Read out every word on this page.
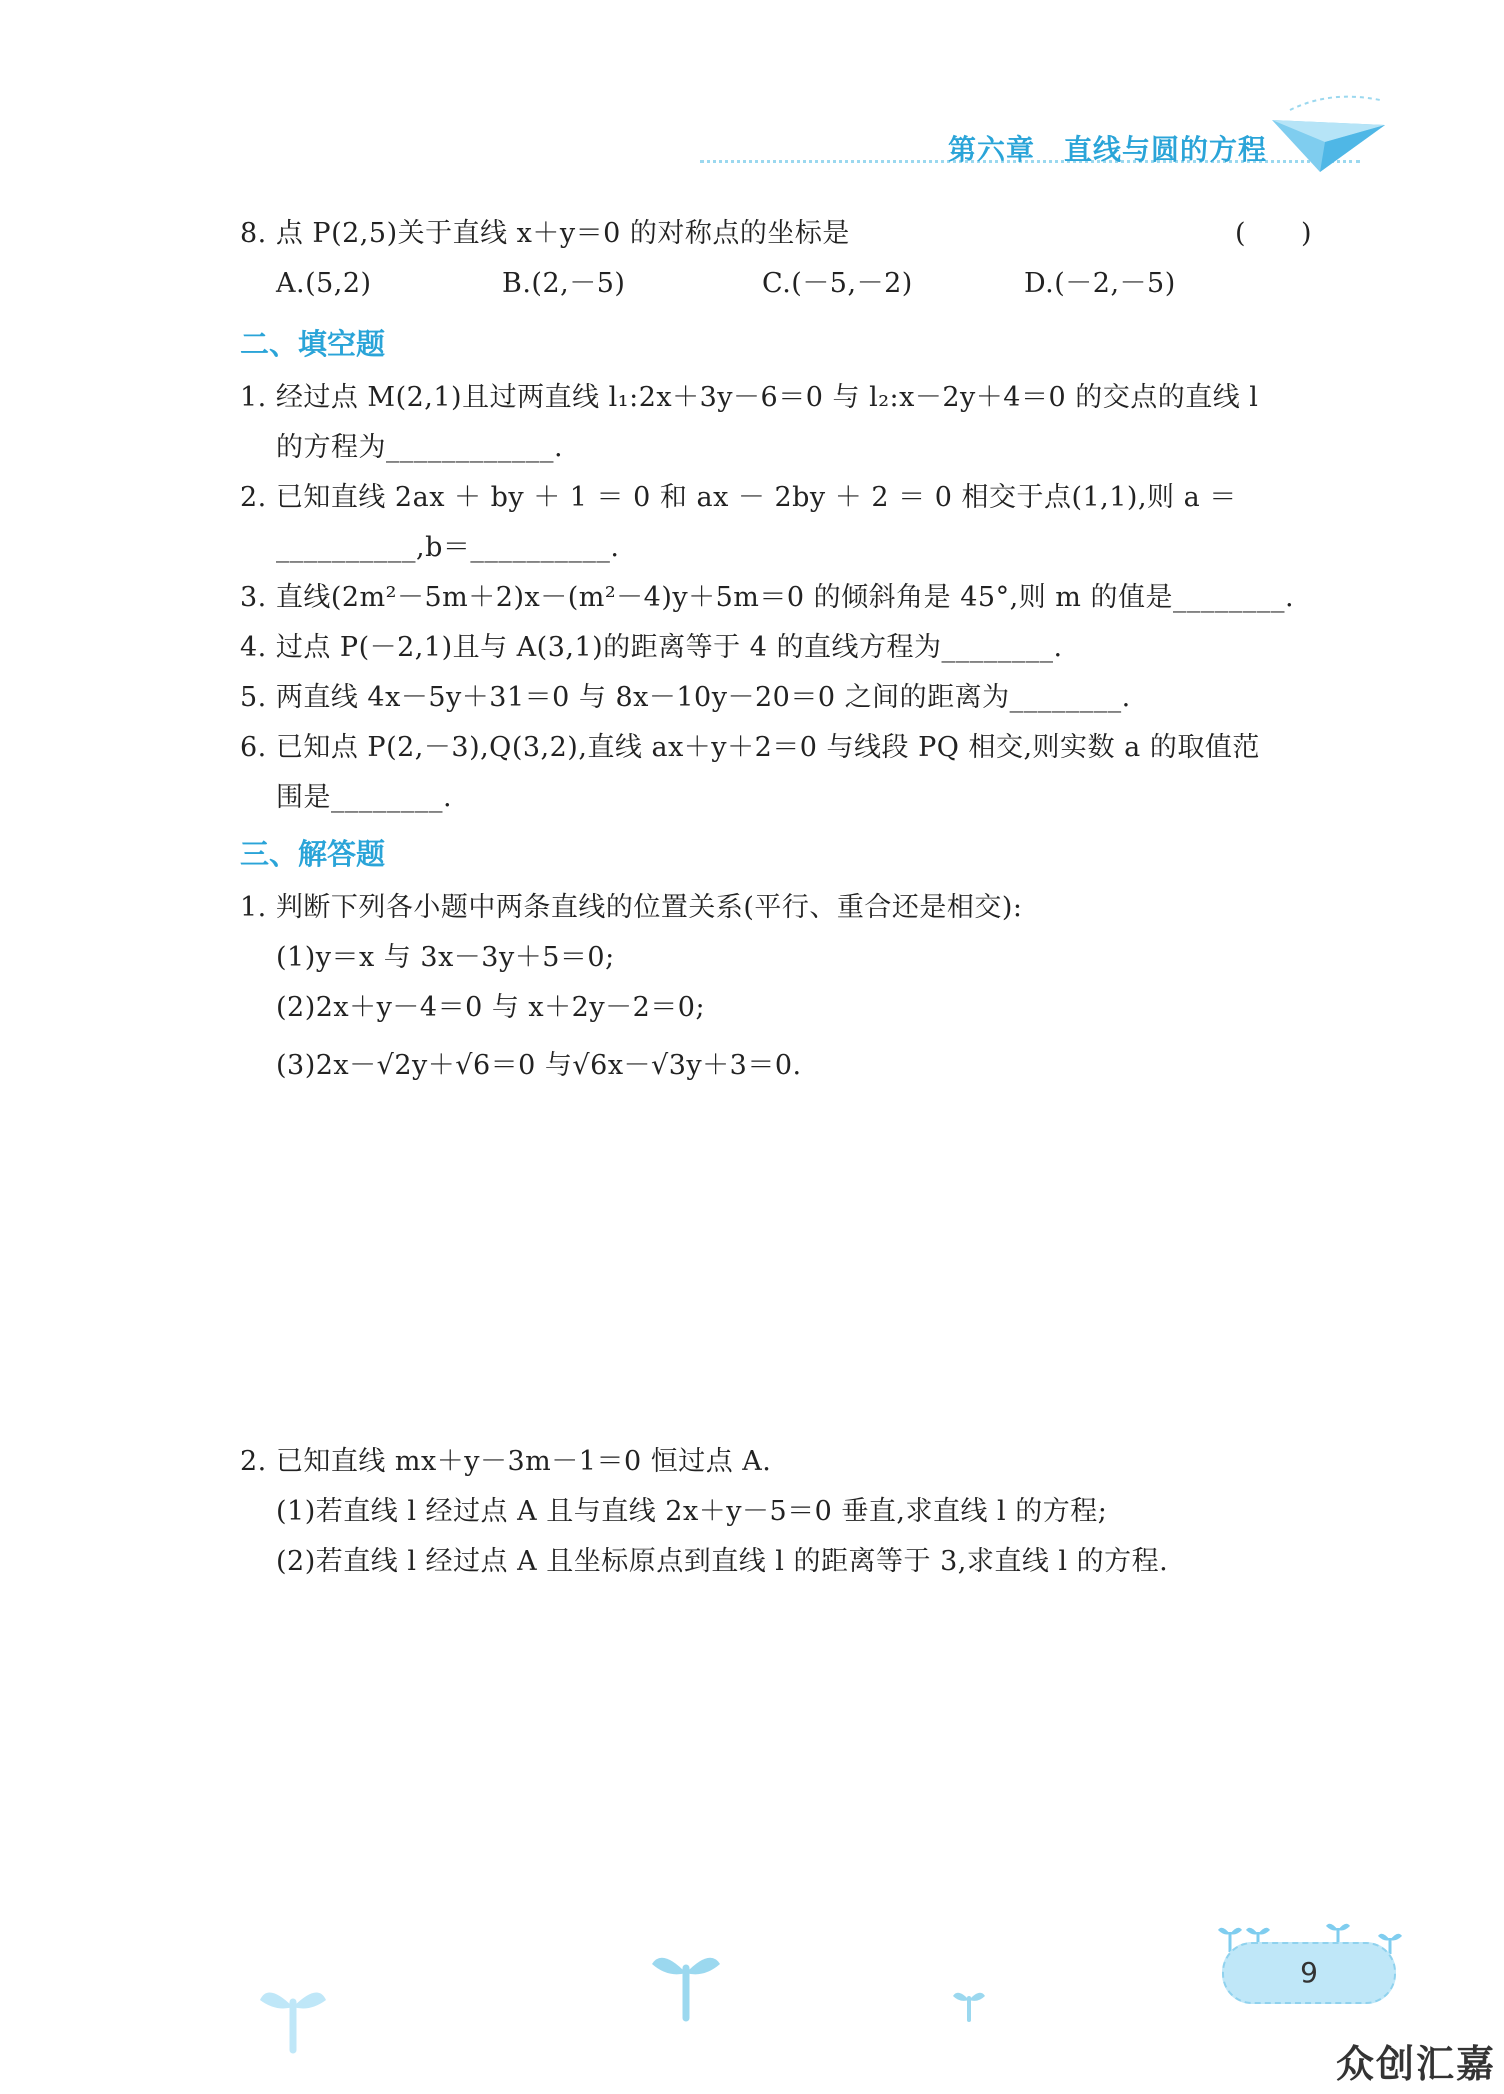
第六章　直线与圆的方程
8. 点 P(2,5)关于直线 x＋y＝0 的对称点的坐标是	(　　)
A.(5,2)	B.(2,－5)	C.(－5,－2)	D.(－2,－5)
二、填空题
1. 经过点 M(2,1)且过两直线 l₁:2x＋3y－6＝0 与 l₂:x－2y＋4＝0 的交点的直线 l
的方程为____________.
2. 已知直线 2ax ＋ by ＋ 1 ＝ 0 和 ax － 2by ＋ 2 ＝ 0 相交于点(1,1),则 a ＝
__________,b＝__________.
3. 直线(2m²－5m＋2)x－(m²－4)y＋5m＝0 的倾斜角是 45°,则 m 的值是________.
4. 过点 P(－2,1)且与 A(3,1)的距离等于 4 的直线方程为________.
5. 两直线 4x－5y＋31＝0 与 8x－10y－20＝0 之间的距离为________.
6. 已知点 P(2,－3),Q(3,2),直线 ax＋y＋2＝0 与线段 PQ 相交,则实数 a 的取值范
围是________.
三、解答题
1. 判断下列各小题中两条直线的位置关系(平行、重合还是相交):
(1)y＝x 与 3x－3y＋5＝0;
(2)2x＋y－4＝0 与 x＋2y－2＝0;
(3)2x－√2y＋√6＝0 与√6x－√3y＋3＝0.
2. 已知直线 mx＋y－3m－1＝0 恒过点 A.
(1)若直线 l 经过点 A 且与直线 2x＋y－5＝0 垂直,求直线 l 的方程;
(2)若直线 l 经过点 A 且坐标原点到直线 l 的距离等于 3,求直线 l 的方程.
9
众创汇嘉
